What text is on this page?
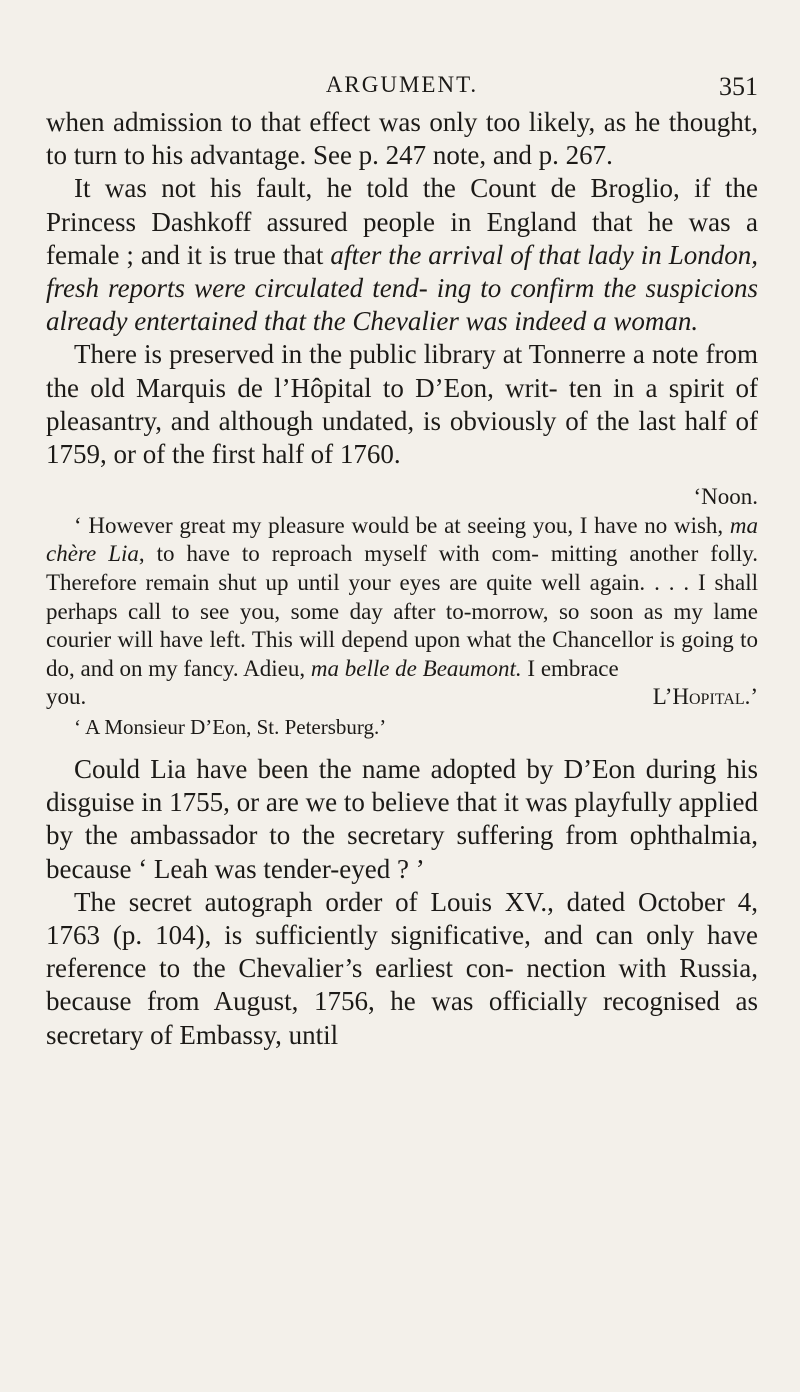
ARGUMENT.	351

when admission to that effect was only too likely, as he thought, to turn to his advantage. See p. 247 note, and p. 267.

It was not his fault, he told the Count de Broglio, if the Princess Dashkoff assured people in England that he was a female ; and it is true that after the arrival of that lady in London, fresh reports were circulated tend- ing to confirm the suspicions already entertained that the Chevalier was indeed a woman.

There is preserved in the public library at Tonnerre a note from the old Marquis de l’Hôpital to D’Eon, writ- ten in a spirit of pleasantry, and although undated, is obviously of the last half of 1759, or of the first half of 1760.

‘Noon.

‘ However great my pleasure would be at seeing you, I have no wish, ma chère Lia, to have to reproach myself with com- mitting another folly. Therefore remain shut up until your eyes are quite well again. . . . I shall perhaps call to see you, some day after to-morrow, so soon as my lame courier will have left. This will depend upon what the Chancellor is going to do, and on my fancy. Adieu, ma belle de Beaumont. I embrace

you.	L’Hopital.’

‘ A Monsieur D’Eon, St. Petersburg.’

Could Lia have been the name adopted by D’Eon during his disguise in 1755, or are we to believe that it was playfully applied by the ambassador to the secretary suffering from ophthalmia, because ‘ Leah was tender-eyed ? ’

The secret autograph order of Louis XV., dated October 4, 1763 (p. 104), is sufficiently significative, and can only have reference to the Chevalier’s earliest con- nection with Russia, because from August, 1756, he was officially recognised as secretary of Embassy, until
